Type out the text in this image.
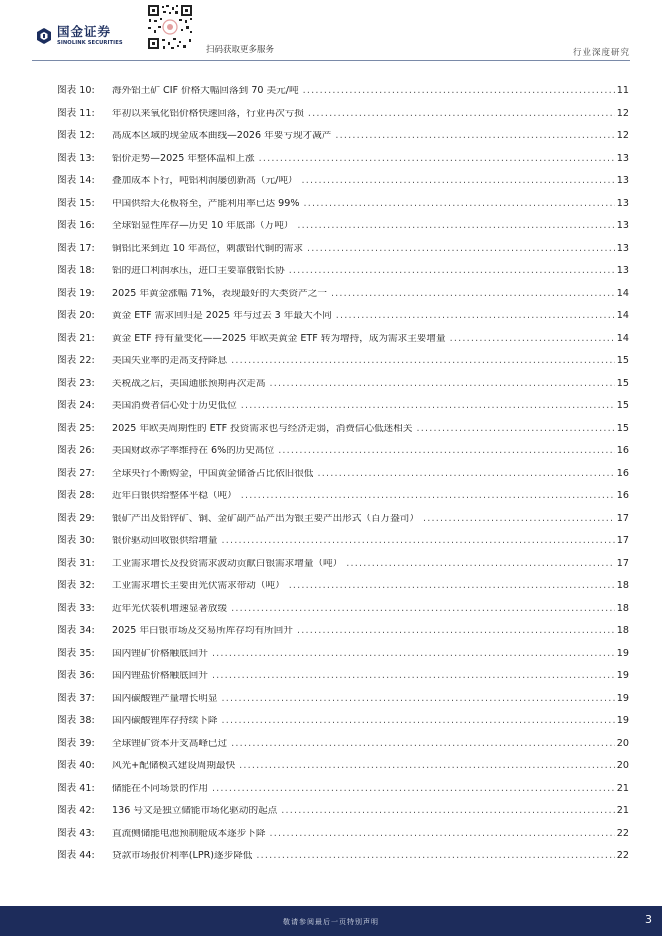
国金证券
SINOLINK SECURITIES
扫码获取更多服务	行业深度研究
图表 10:	海外铝土矿 CIF 价格大幅回落到 70 美元/吨 .....	11
图表 11:	年初以来氧化铝价格快速回落，行业再次亏损 .....	12
图表 12:	高成本区域的现金成本曲线—2026 年要亏现才减产 .....	12
图表 13:	铝价走势—2025 年整体温和上涨 .....	13
图表 14:	叠加成本下行，吨铝利润屡创新高（元/吨） .....	13
图表 15:	中国供给天花板将至，产能利用率已达 99% .....	13
图表 16:	全球铝显性库存—历史 10 年底部（万吨） .....	13
图表 17:	铜铝比来到近 10 年高位，刺激铝代铜的需求 .....	13
图表 18:	铝的进口利润承压，进口主要靠俄铝长协 .....	13
图表 19:	2025 年黄金涨幅 71%，表现最好的大类资产之一 .....	14
图表 20:	黄金 ETF 需求回归是 2025 年与过去 3 年最大不同 .....	14
图表 21:	黄金 ETF 持有量变化——2025 年欧美黄金 ETF 转为增持，成为需求主要增量 .....	14
图表 22:	美国失业率的走高支持降息 .....	15
图表 23:	关税战之后，美国通胀预期再次走高 .....	15
图表 24:	美国消费者信心处于历史低位 .....	15
图表 25:	2025 年欧美周期性的 ETF 投资需求也与经济走弱，消费信心低迷相关 .....	15
图表 26:	美国财政赤字率维持在 6%的历史高位 .....	16
图表 27:	全球央行不断购金，中国黄金储备占比依旧很低 .....	16
图表 28:	近年白银供给整体平稳（吨） .....	16
图表 29:	银矿产出及铅锌矿、铜、金矿副产品产出为银主要产出形式（百万盎司） .....	17
图表 30:	银价驱动回收银供给增量 .....	17
图表 31:	工业需求增长及投资需求波动贡献白银需求增量（吨） .....	17
图表 32:	工业需求增长主要由光伏需求带动（吨） .....	18
图表 33:	近年光伏装机增速显著放缓 .....	18
图表 34:	2025 年白银市场及交易所库存均有所回升 .....	18
图表 35:	国内锂矿价格触底回升 .....	19
图表 36:	国内锂盐价格触底回升 .....	19
图表 37:	国内碳酸锂产量增长明显 .....	19
图表 38:	国内碳酸锂库存持续下降 .....	19
图表 39:	全球锂矿资本开支高峰已过 .....	20
图表 40:	风光+配储模式建设周期最快 .....	20
图表 41:	储能在不同场景的作用 .....	21
图表 42:	136 号文是独立储能市场化驱动的起点 .....	21
图表 43:	直流侧储能电池预制舱成本逐步下降 .....	22
图表 44:	贷款市场报价利率(LPR)逐步降低 .....	22
敬请参阅最后一页特别声明	3
